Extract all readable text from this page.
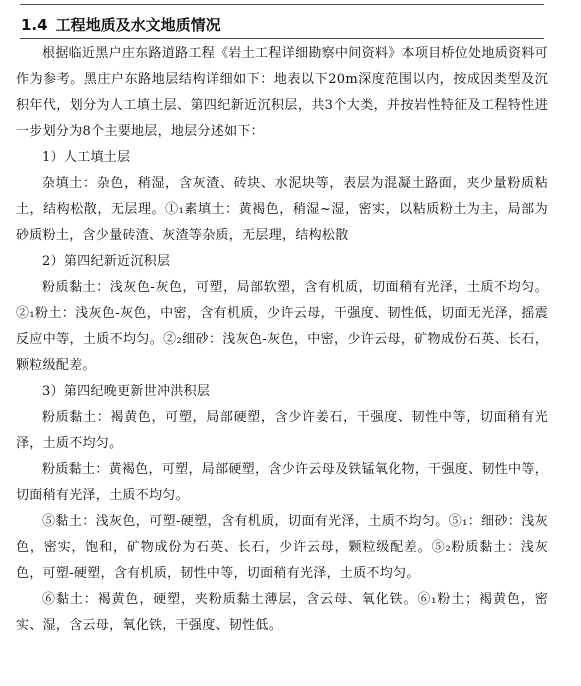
1.4 工程地质及水文地质情况

根据临近黑户庄东路道路工程《岩土工程详细勘察中间资料》本项目桥位处地质资料可作为参考。黑庄户东路地层结构详细如下：地表以下20m深度范围以内，按成因类型及沉积年代，划分为人工填土层、第四纪新近沉积层，共3个大类，并按岩性特征及工程特性进一步划分为8个主要地层，地层分述如下：

1）人工填土层

杂填土：杂色，稍湿，含灰渣、砖块、水泥块等，表层为混凝土路面，夹少量粉质粘土，结构松散，无层理。①₁素填土：黄褐色，稍湿~湿，密实，以粘质粉土为主，局部为砂质粉土，含少量砖渣、灰渣等杂质，无层理，结构松散

2）第四纪新近沉积层

粉质黏土：浅灰色-灰色，可塑，局部软塑，含有机质，切面稍有光泽，土质不均匀。②₁粉土：浅灰色-灰色，中密，含有机质，少许云母，干强度、韧性低，切面无光泽，摇震反应中等，土质不均匀。②₂细砂：浅灰色-灰色，中密，少许云母，矿物成份石英、长石，颗粒级配差。

3）第四纪晚更新世冲洪积层

粉质黏土：褐黄色，可塑，局部硬塑，含少许姜石，干强度、韧性中等，切面稍有光泽，土质不均匀。

粉质黏土：黄褐色，可塑，局部硬塑，含少许云母及铁锰氧化物，干强度、韧性中等，切面稍有光泽，土质不均匀。

⑤黏土：浅灰色，可塑-硬塑，含有机质，切面有光泽，土质不均匀。⑤₁：细砂：浅灰色，密实，饱和，矿物成份为石英、长石，少许云母，颗粒级配差。⑤₂粉质黏土：浅灰色，可塑-硬塑，含有机质，韧性中等，切面稍有光泽，土质不均匀。

⑥黏土：褐黄色，硬塑，夹粉质黏土薄层，含云母、氧化铁。⑥₁粉土；褐黄色，密实、湿，含云母，氧化铁，干强度、韧性低。
